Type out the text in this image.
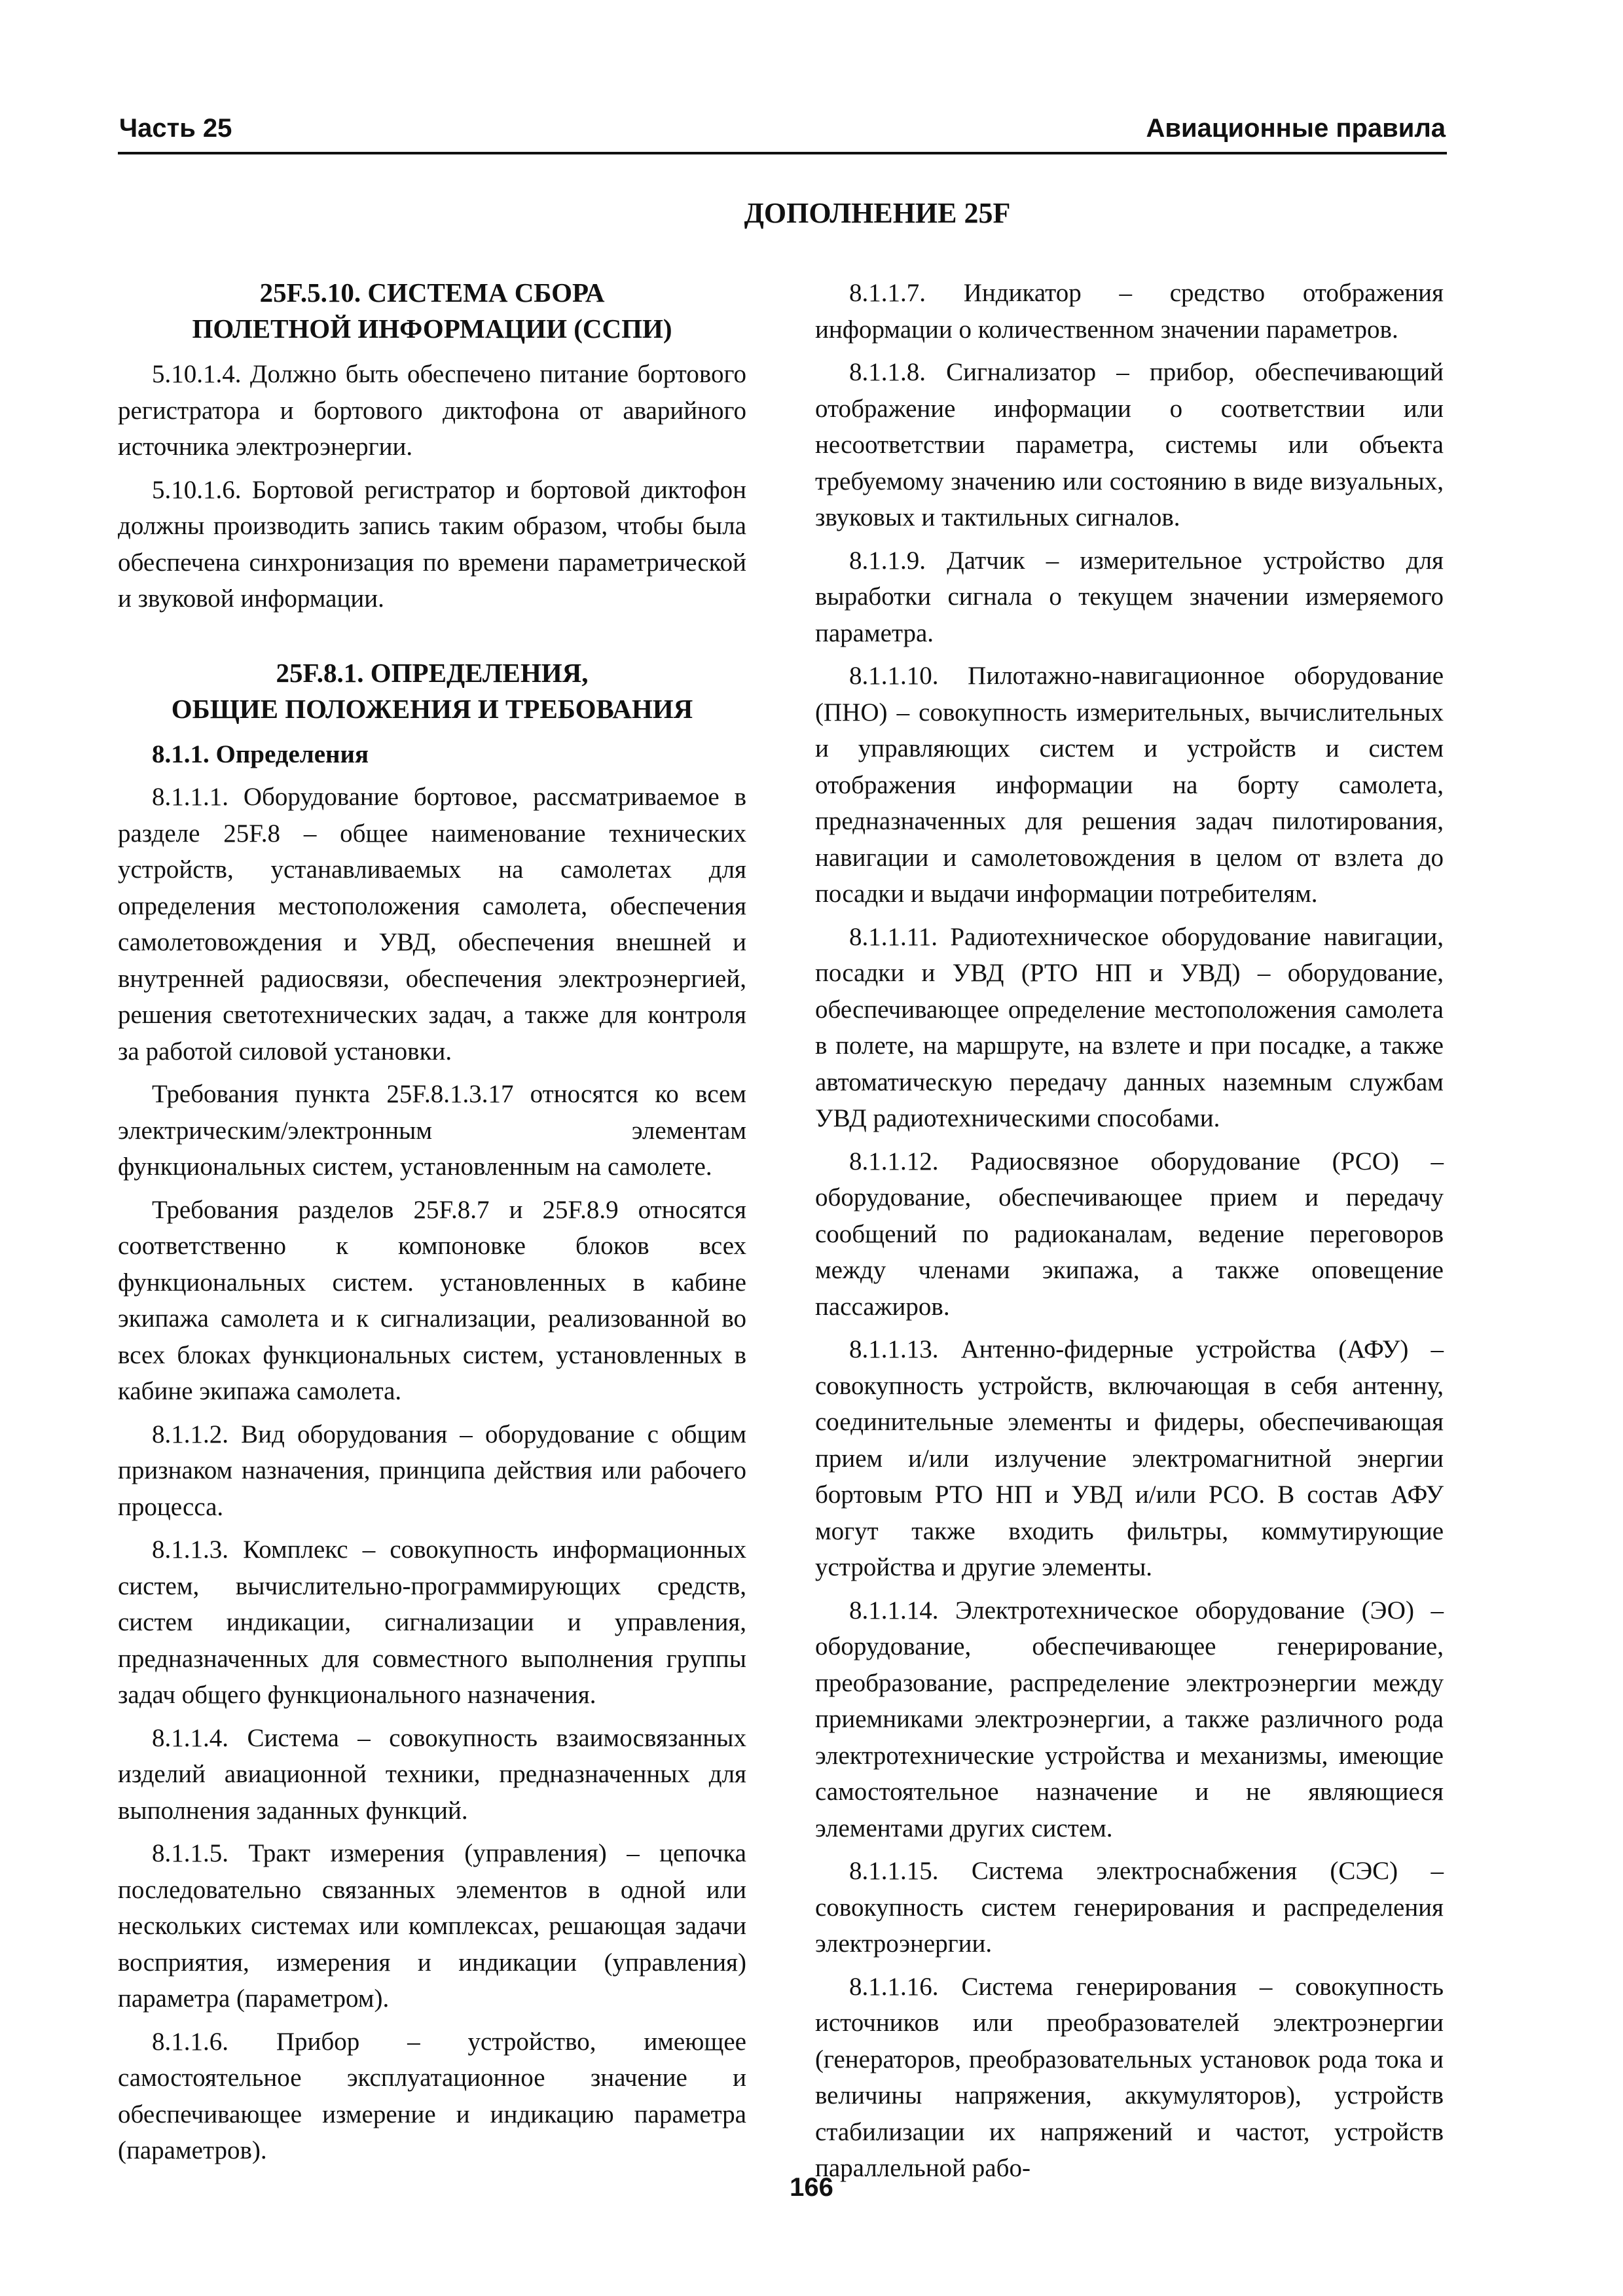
Часть 25	Авиационные правила
ДОПОЛНЕНИЕ 25F
25F.5.10. СИСТЕМА СБОРА
ПОЛЕТНОЙ ИНФОРМАЦИИ (ССПИ)

5.10.1.4. Должно быть обеспечено питание бортового регистратора и бортового диктофона от аварийного источника электроэнергии.

5.10.1.6. Бортовой регистратор и бортовой диктофон должны производить запись таким образом, чтобы была обеспечена синхронизация по времени параметрической и звуковой информации.

25F.8.1. ОПРЕДЕЛЕНИЯ,
ОБЩИЕ ПОЛОЖЕНИЯ И ТРЕБОВАНИЯ

8.1.1. Определения

8.1.1.1. Оборудование бортовое, рассматриваемое в разделе 25F.8 – общее наименование технических устройств, устанавливаемых на самолетах для определения местоположения самолета, обеспечения самолетовождения и УВД, обеспечения внешней и внутренней радиосвязи, обеспечения электроэнергией, решения светотехнических задач, а также для контроля за работой силовой установки.

Требования пункта 25F.8.1.3.17 относятся ко всем электрическим/электронным элементам функциональных систем, установленным на самолете.

Требования разделов 25F.8.7 и 25F.8.9 относятся соответственно к компоновке блоков всех функциональных систем. установленных в кабине экипажа самолета и к сигнализации, реализованной во всех блоках функциональных систем, установленных в кабине экипажа самолета.

8.1.1.2. Вид оборудования – оборудование с общим признаком назначения, принципа действия или рабочего процесса.

8.1.1.3. Комплекс – совокупность информационных систем, вычислительно-программирующих средств, систем индикации, сигнализации и управления, предназначенных для совместного выполнения группы задач общего функционального назначения.

8.1.1.4. Система – совокупность взаимосвязанных изделий авиационной техники, предназначенных для выполнения заданных функций.

8.1.1.5. Тракт измерения (управления) – цепочка последовательно связанных элементов в одной или нескольких системах или комплексах, решающая задачи восприятия, измерения и индикации (управления) параметра (параметром).

8.1.1.6. Прибор – устройство, имеющее самостоятельное эксплуатационное значение и обеспечивающее измерение и индикацию параметра (параметров).

8.1.1.7. Индикатор – средство отображения информации о количественном значении параметров.

8.1.1.8. Сигнализатор – прибор, обеспечивающий отображение информации о соответствии или несоответствии параметра, системы или объекта требуемому значению или состоянию в виде визуальных, звуковых и тактильных сигналов.

8.1.1.9. Датчик – измерительное устройство для выработки сигнала о текущем значении измеряемого параметра.

8.1.1.10. Пилотажно-навигационное оборудование (ПНО) – совокупность измерительных, вычислительных и управляющих систем и устройств и систем отображения информации на борту самолета, предназначенных для решения задач пилотирования, навигации и самолетовождения в целом от взлета до посадки и выдачи информации потребителям.

8.1.1.11. Радиотехническое оборудование навигации, посадки и УВД (РТО НП и УВД) – оборудование, обеспечивающее определение местоположения самолета в полете, на маршруте, на взлете и при посадке, а также автоматическую передачу данных наземным службам УВД радиотехническими способами.

8.1.1.12. Радиосвязное оборудование (РСО) – оборудование, обеспечивающее прием и передачу сообщений по радиоканалам, ведение переговоров между членами экипажа, а также оповещение пассажиров.

8.1.1.13. Антенно-фидерные устройства (АФУ) – совокупность устройств, включающая в себя антенну, соединительные элементы и фидеры, обеспечивающая прием и/или излучение электромагнитной энергии бортовым РТО НП и УВД и/или РСО. В состав АФУ могут также входить фильтры, коммутирующие устройства и другие элементы.

8.1.1.14. Электротехническое оборудование (ЭО) – оборудование, обеспечивающее генерирование, преобразование, распределение электроэнергии между приемниками электроэнергии, а также различного рода электротехнические устройства и механизмы, имеющие самостоятельное назначение и не являющиеся элементами других систем.

8.1.1.15. Система электроснабжения (СЭС) – совокупность систем генерирования и распределения электроэнергии.

8.1.1.16. Система генерирования – совокупность источников или преобразователей электроэнергии (генераторов, преобразовательных установок рода тока и величины напряжения, аккумуляторов), устройств стабилизации их напряжений и частот, устройств параллельной рабо-

166
